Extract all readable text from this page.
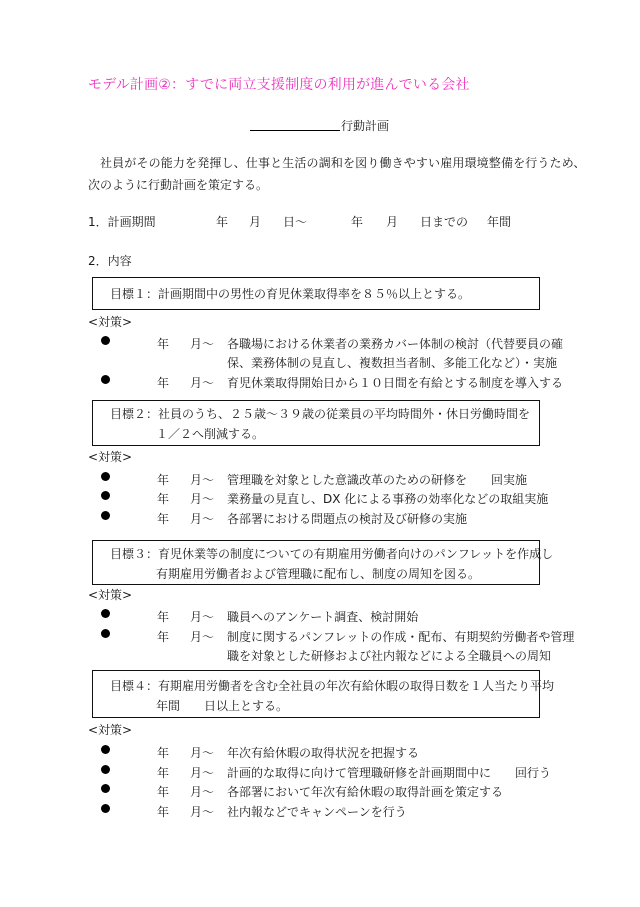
モデル計画②：すでに両立支援制度の利用が進んでいる会社
行動計画
社員がその能力を発揮し、仕事と生活の調和を図り働きやすい雇用環境整備を行うため、
次のように行動計画を策定する。
1．計画期間	年 月 日～	年 月 日までの 年間
2．内容
目標１：計画期間中の男性の育児休業取得率を８５％以上とする。
<対策>
年 月～ 各職場における休業者の業務カバー体制の検討（代替要員の確
保、業務体制の見直し、複数担当者制、多能工化など）・実施
年 月～ 育児休業取得開始日から１０日間を有給とする制度を導入する
目標２：社員のうち、２５歳～３９歳の従業員の平均時間外・休日労働時間を
１／２へ削減する。
<対策>
年 月～ 管理職を対象とした意識改革のための研修を　　回実施
年 月～ 業務量の見直し、DX 化による事務の効率化などの取組実施
年 月～ 各部署における問題点の検討及び研修の実施
目標３：育児休業等の制度についての有期雇用労働者向けのパンフレットを作成し
有期雇用労働者および管理職に配布し、制度の周知を図る。
<対策>
年 月～ 職員へのアンケート調査、検討開始
年 月～ 制度に関するパンフレットの作成・配布、有期契約労働者や管理
職を対象とした研修および社内報などによる全職員への周知
目標４：有期雇用労働者を含む全社員の年次有給休暇の取得日数を１人当たり平均
年間　　日以上とする。
<対策>
年 月～ 年次有給休暇の取得状況を把握する
年 月～ 計画的な取得に向けて管理職研修を計画期間中に　　回行う
年 月～ 各部署において年次有給休暇の取得計画を策定する
年 月～ 社内報などでキャンペーンを行う
